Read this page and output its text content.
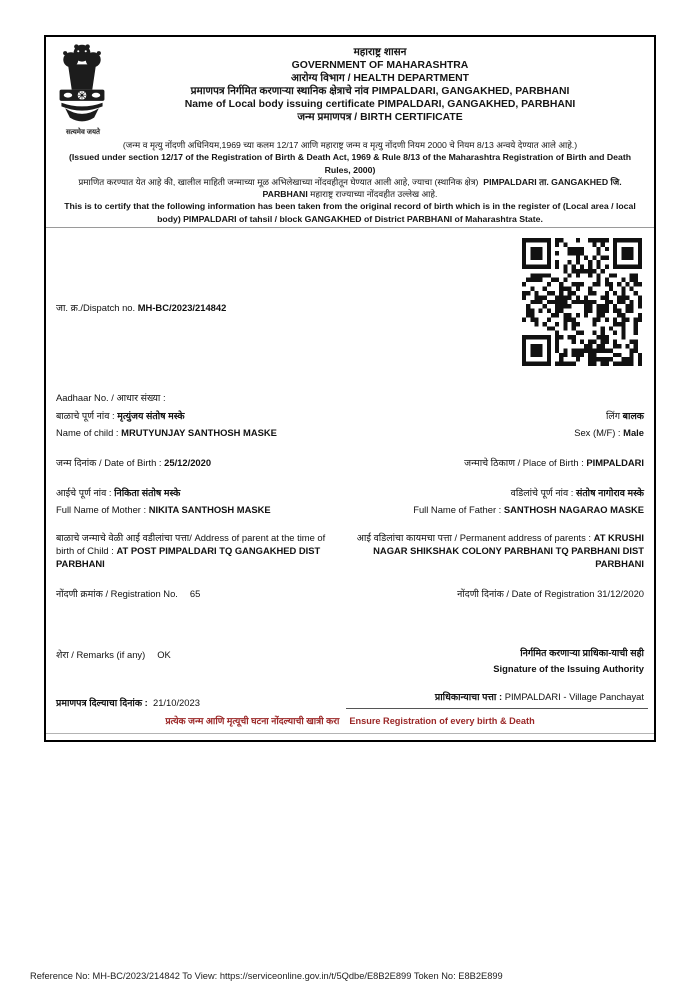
सत्यमेव जयते
महाराष्ट्र शासन
GOVERNMENT OF MAHARASHTRA
आरोग्य विभाग / HEALTH DEPARTMENT
प्रमाणपत्र निर्गमित करणाऱ्या स्थानिक क्षेत्राचे नांव PIMPALDARI, GANGAKHED, PARBHANI
Name of Local body issuing certificate PIMPALDARI, GANGAKHED, PARBHANI
जन्म प्रमाणपत्र / BIRTH CERTIFICATE
(जन्म व मृत्यु नोंदणी अधिनियम,1969 च्या कलम 12/17 आणि महाराष्ट्र जन्म व मृत्यु नोंदणी नियम 2000 चे नियम 8/13 अन्वये देण्यात आले आहे.)
(Issued under section 12/17 of the Registration of Birth & Death Act, 1969 & Rule 8/13 of the Maharashtra Registration of Birth and Death Rules, 2000)
प्रमाणित करण्यात येत आहे की, खालील माहिती जन्माच्या मूळ अभिलेखाच्या नोंदवहीतून घेण्यात आली आहे, ज्याचा (स्थानिक क्षेत्र) PIMPALDARI ता. GANGAKHED जि. PARBHANI महाराष्ट्र राज्याच्या नोंदवहीत उल्लेख आहे.
This is to certify that the following information has been taken from the original record of birth which is in the register of (Local area / local body) PIMPALDARI of tahsil / block GANGAKHED of District PARBHANI of Maharashtra State.
जा. क्र./Dispatch no. MH-BC/2023/214842
Aadhaar No. / आधार संख्या :
बाळाचे पूर्ण नांव : मृत्युंजय संतोष मस्के	लिंग बालक
Name of child : MRUTYUNJAY SANTHOSH MASKE	Sex (M/F) : Male
जन्म दिनांक / Date of Birth : 25/12/2020	जन्माचे ठिकाण / Place of Birth : PIMPALDARI
आईचे पूर्ण नांव : निकिता संतोष मस्के	वडिलांचे पूर्ण नांव : संतोष नागोराव मस्के
Full Name of Mother : NIKITA SANTHOSH MASKE	Full Name of Father : SANTHOSH NAGARAO MASKE
बाळाचे जन्माचे वेळी आई वडीलांचा पत्ता/ Address of parent at the time of birth of Child : AT POST PIMPALDARI TQ GANGAKHED DIST PARBHANI
आई वडिलांचा कायमचा पत्ता / Permanent address of parents : AT KRUSHI NAGAR SHIKSHAK COLONY PARBHANI TQ PARBHANI DIST PARBHANI
नोंदणी क्रमांक / Registration No. 65	नोंदणी दिनांक / Date of Registration 31/12/2020
शेरा / Remarks (if any) OK	निर्गमित करणाऱ्या प्राधिका-याची सही
Signature of the Issuing Authority
प्रमाणपत्र दिल्याचा दिनांक : 21/10/2023
प्राधिकान्याचा पत्ता : PIMPALDARI - Village Panchayat
प्रत्येक जन्म आणि मृत्यूची घटना नोंदल्याची खात्री करा Ensure Registration of every birth & Death
Reference No: MH-BC/2023/214842 To View: https://serviceonline.gov.in/t/5Qdbe/E8B2E899 Token No: E8B2E899
